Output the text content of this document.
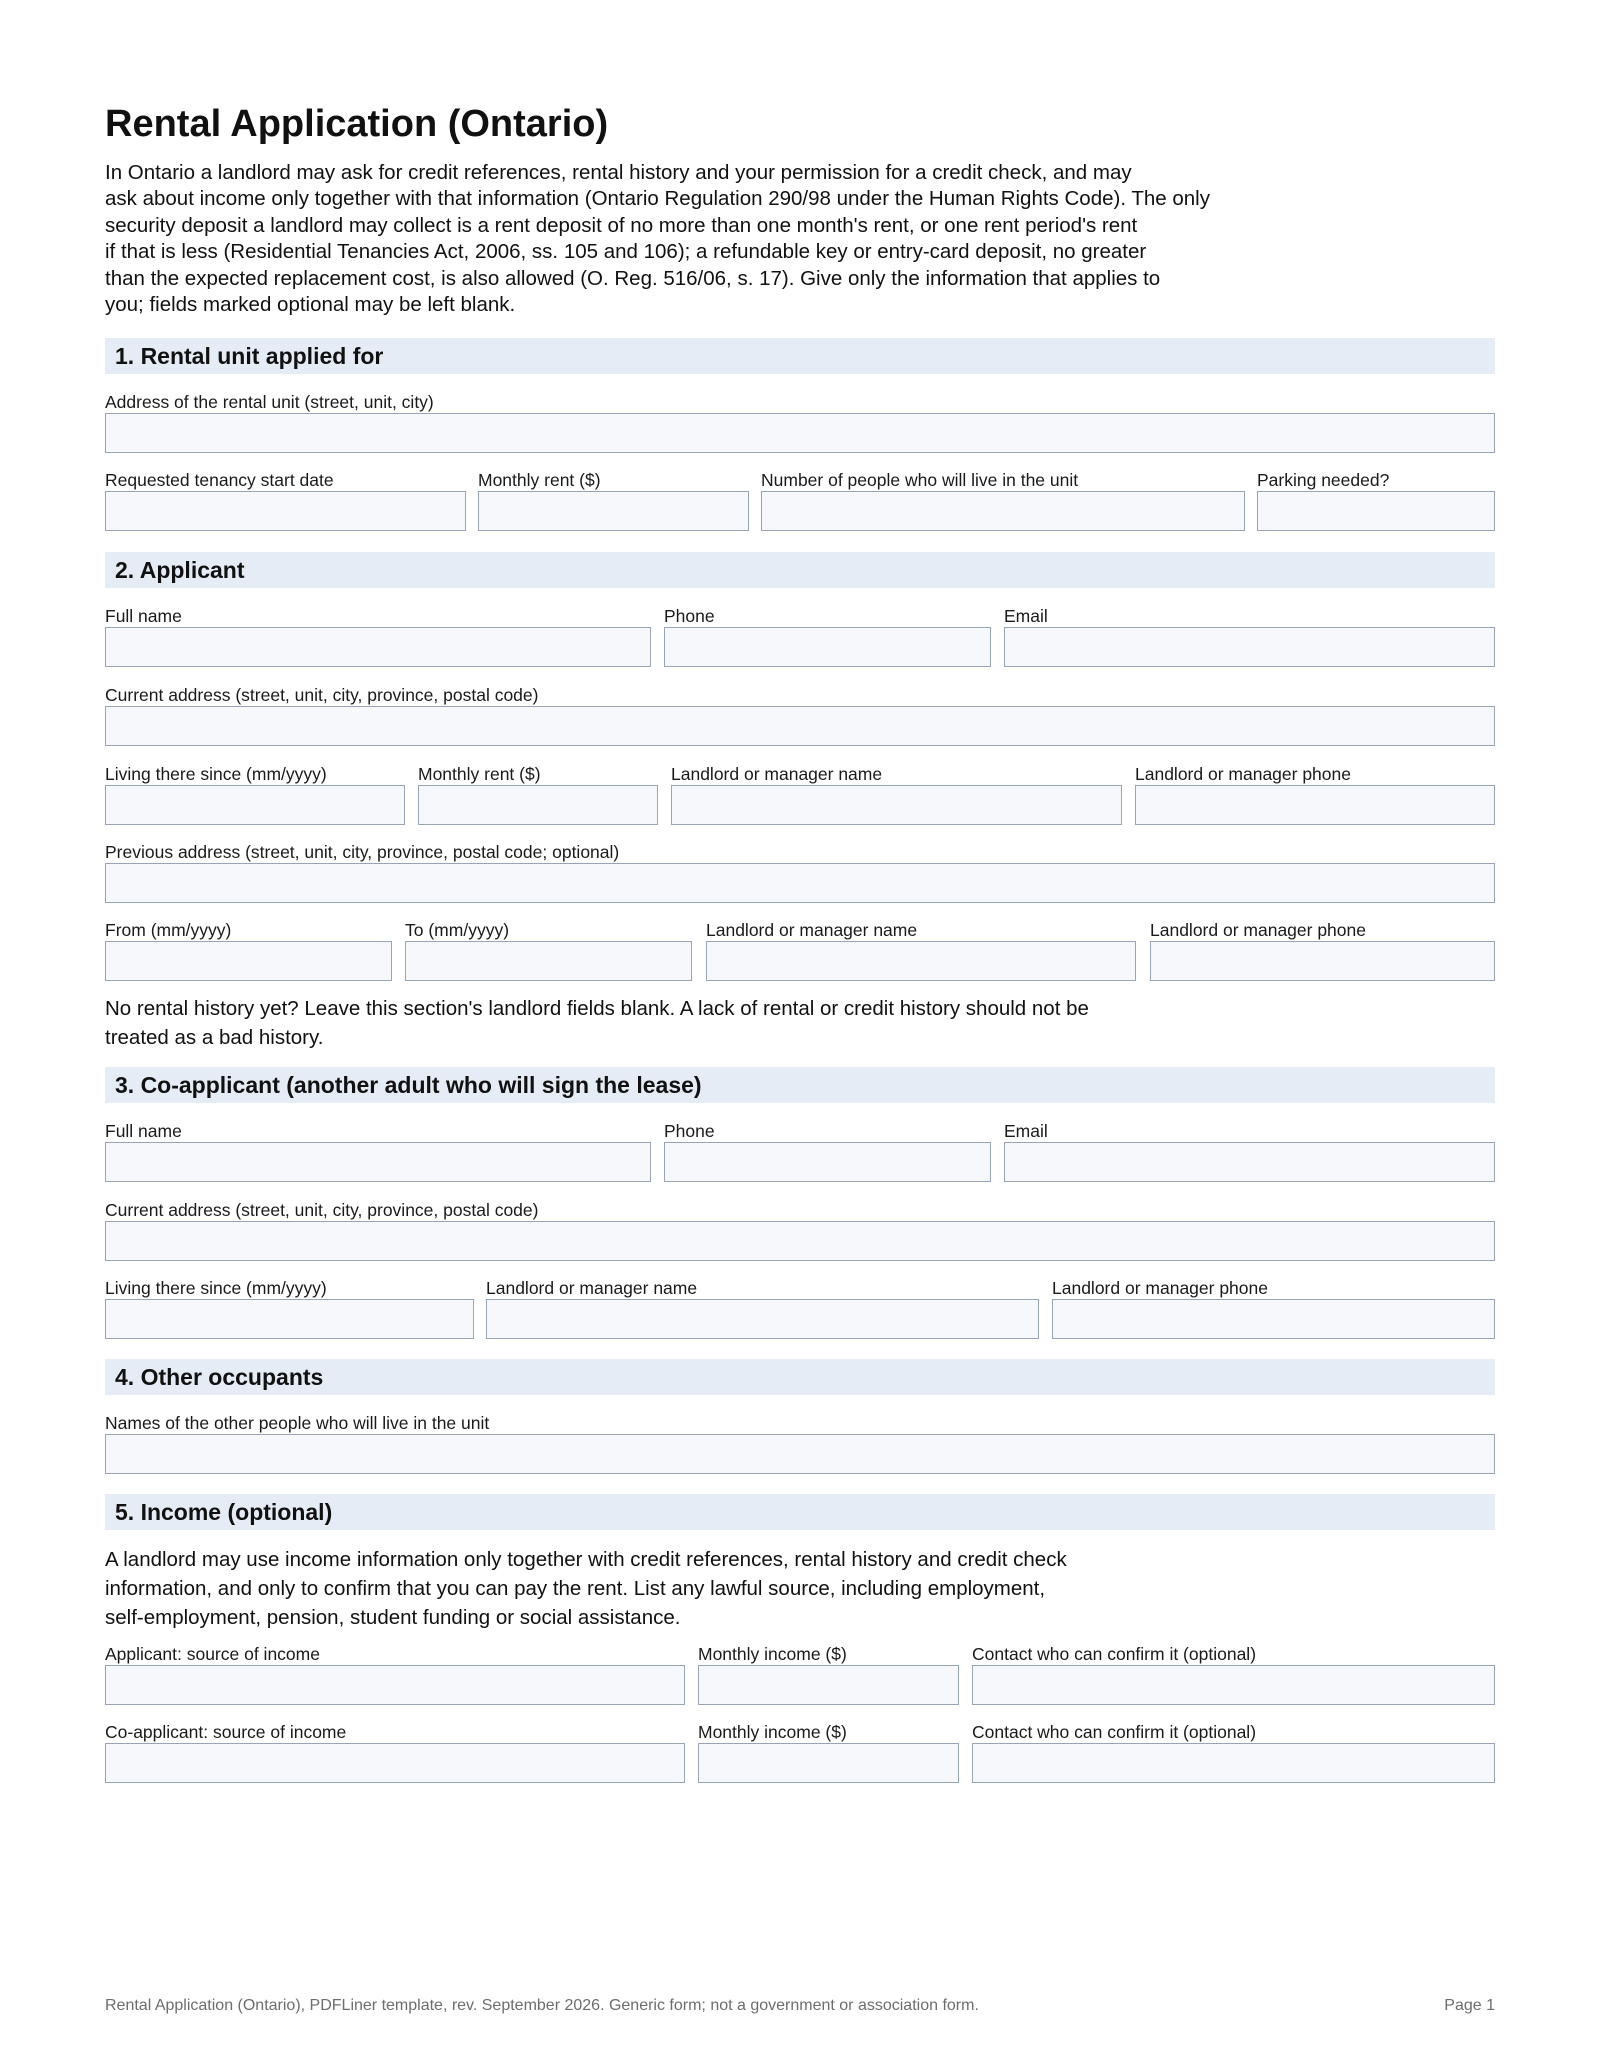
Rental Application (Ontario)
In Ontario a landlord may ask for credit references, rental history and your permission for a credit check, and may
ask about income only together with that information (Ontario Regulation 290/98 under the Human Rights Code). The only
security deposit a landlord may collect is a rent deposit of no more than one month's rent, or one rent period's rent
if that is less (Residential Tenancies Act, 2006, ss. 105 and 106); a refundable key or entry-card deposit, no greater
than the expected replacement cost, is also allowed (O. Reg. 516/06, s. 17). Give only the information that applies to
you; fields marked optional may be left blank.
1. Rental unit applied for
Address of the rental unit (street, unit, city)
Requested tenancy start date	Monthly rent ($)	Number of people who will live in the unit	Parking needed?
2. Applicant
Full name	Phone	Email
Current address (street, unit, city, province, postal code)
Living there since (mm/yyyy)	Monthly rent ($)	Landlord or manager name	Landlord or manager phone
Previous address (street, unit, city, province, postal code; optional)
From (mm/yyyy)	To (mm/yyyy)	Landlord or manager name	Landlord or manager phone
No rental history yet? Leave this section's landlord fields blank. A lack of rental or credit history should not be
treated as a bad history.
3. Co-applicant (another adult who will sign the lease)
Full name	Phone	Email
Current address (street, unit, city, province, postal code)
Living there since (mm/yyyy)	Landlord or manager name	Landlord or manager phone
4. Other occupants
Names of the other people who will live in the unit
5. Income (optional)
A landlord may use income information only together with credit references, rental history and credit check
information, and only to confirm that you can pay the rent. List any lawful source, including employment,
self-employment, pension, student funding or social assistance.
Applicant: source of income	Monthly income ($)	Contact who can confirm it (optional)
Co-applicant: source of income	Monthly income ($)	Contact who can confirm it (optional)
Rental Application (Ontario), PDFLiner template, rev. September 2026. Generic form; not a government or association form.	Page 1
